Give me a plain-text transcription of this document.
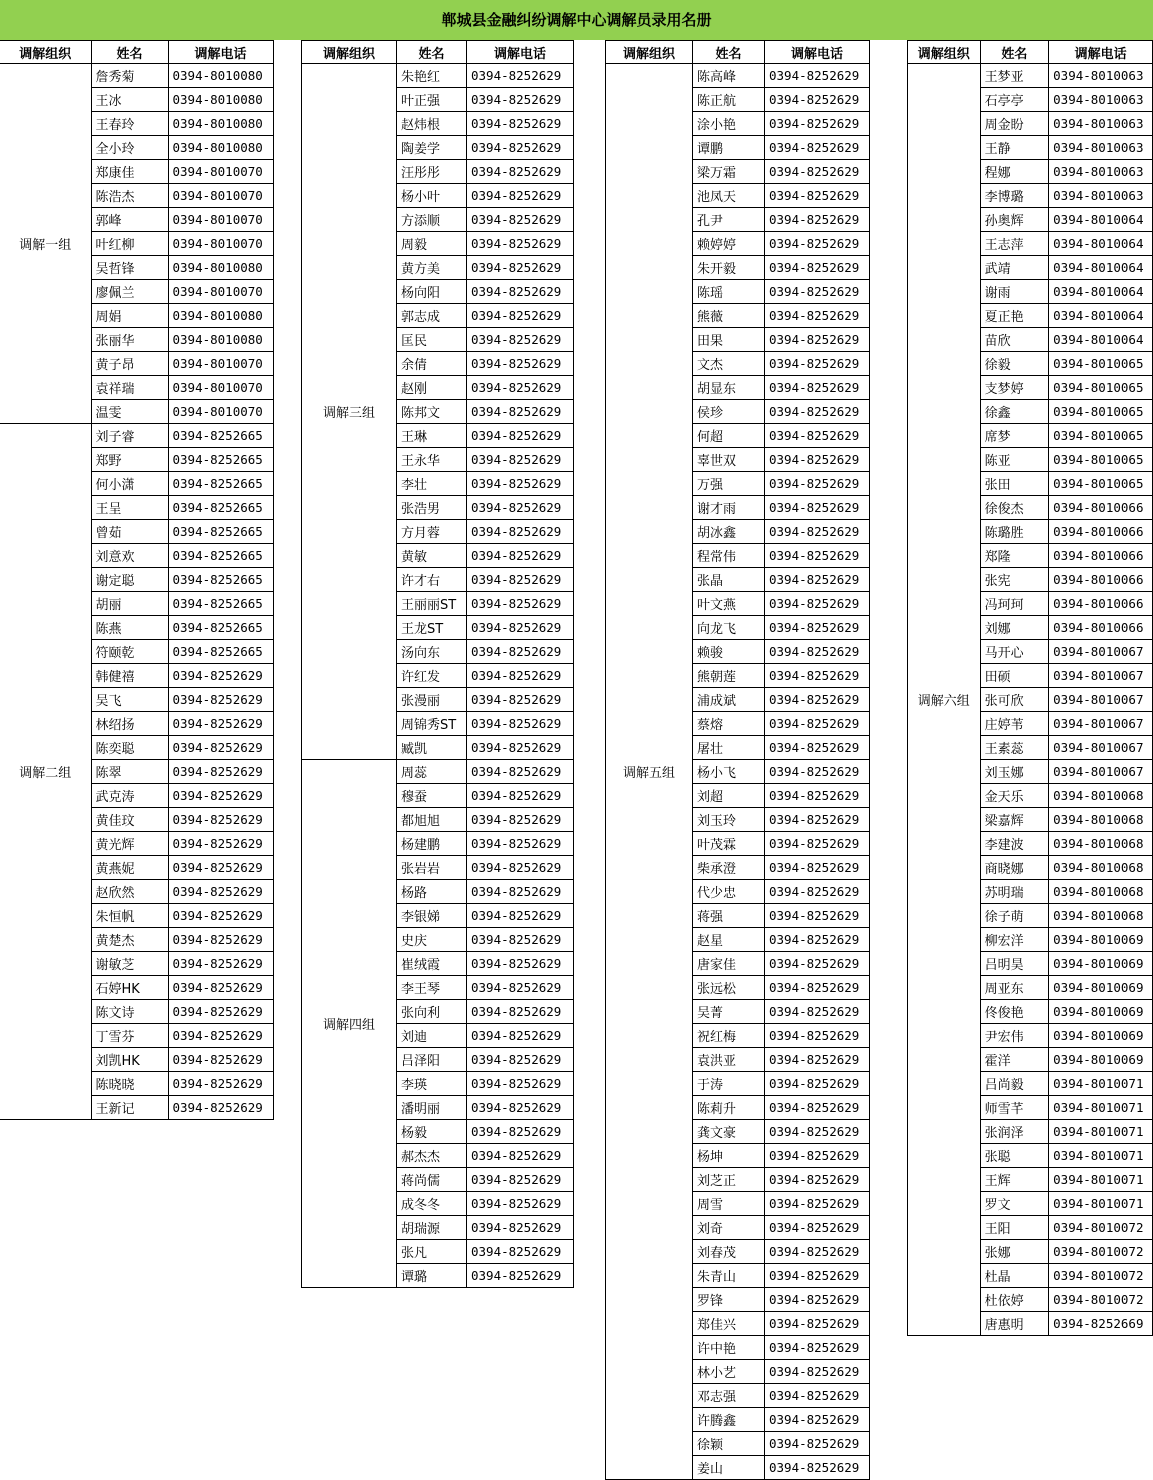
郸城县金融纠纷调解中心调解员录用名册
调解组织	姓名	调解电话
调解一组	詹秀菊	0394-8010080
	王冰	0394-8010080
	王春玲	0394-8010080
	全小玲	0394-8010080
	郑康佳	0394-8010070
	陈浩杰	0394-8010070
	郭峰	0394-8010070
	叶红柳	0394-8010070
	吴哲锋	0394-8010080
	廖佩兰	0394-8010070
	周娟	0394-8010080
	张丽华	0394-8010080
	黄子昂	0394-8010070
	袁祥瑞	0394-8010070
	温雯	0394-8010070
调解二组	刘子睿	0394-8252665
	郑野	0394-8252665
	何小潇	0394-8252665
	王呈	0394-8252665
	曾茹	0394-8252665
	刘意欢	0394-8252665
	谢定聪	0394-8252665
	胡丽	0394-8252665
	陈燕	0394-8252665
	符颐乾	0394-8252665
	韩健禧	0394-8252629
	吴飞	0394-8252629
	林绍扬	0394-8252629
	陈奕聪	0394-8252629
	陈翠	0394-8252629
	武克涛	0394-8252629
	黄佳玟	0394-8252629
	黄光辉	0394-8252629
	黄燕妮	0394-8252629
	赵欣然	0394-8252629
	朱恒帆	0394-8252629
	黄楚杰	0394-8252629
	谢敏芝	0394-8252629
	石婷HK	0394-8252629
	陈文诗	0394-8252629
	丁雪芬	0394-8252629
	刘凯HK	0394-8252629
	陈晓晓	0394-8252629
	王新记	0394-8252629
调解组织	姓名	调解电话
调解三组	朱艳红	0394-8252629
	叶正强	0394-8252629
	赵炜根	0394-8252629
	陶姜学	0394-8252629
	汪彤彤	0394-8252629
	杨小叶	0394-8252629
	方添顺	0394-8252629
	周毅	0394-8252629
	黄方美	0394-8252629
	杨向阳	0394-8252629
	郭志成	0394-8252629
	匡民	0394-8252629
	余倩	0394-8252629
	赵刚	0394-8252629
	陈邦文	0394-8252629
	王琳	0394-8252629
	王永华	0394-8252629
	李壮	0394-8252629
	张浩男	0394-8252629
	方月蓉	0394-8252629
	黄敏	0394-8252629
	许才右	0394-8252629
	王丽丽ST	0394-8252629
	王龙ST	0394-8252629
	汤向东	0394-8252629
	许红发	0394-8252629
	张漫丽	0394-8252629
	周锦秀ST	0394-8252629
	臧凯	0394-8252629
调解四组	周蕊	0394-8252629
	穆蚕	0394-8252629
	都旭旭	0394-8252629
	杨建鹏	0394-8252629
	张岩岩	0394-8252629
	杨路	0394-8252629
	李银娣	0394-8252629
	史庆	0394-8252629
	崔绒霞	0394-8252629
	李王琴	0394-8252629
	张向利	0394-8252629
	刘迪	0394-8252629
	吕泽阳	0394-8252629
	李瑛	0394-8252629
	潘明丽	0394-8252629
	杨毅	0394-8252629
	郝杰杰	0394-8252629
	蒋尚儒	0394-8252629
	成冬冬	0394-8252629
	胡瑞源	0394-8252629
	张凡	0394-8252629
	谭璐	0394-8252629
调解组织	姓名	调解电话
调解五组	陈高峰	0394-8252629
	陈正航	0394-8252629
	涂小艳	0394-8252629
	谭鹏	0394-8252629
	梁万霜	0394-8252629
	池凤天	0394-8252629
	孔尹	0394-8252629
	赖婷婷	0394-8252629
	朱开毅	0394-8252629
	陈瑶	0394-8252629
	熊薇	0394-8252629
	田果	0394-8252629
	文杰	0394-8252629
	胡显东	0394-8252629
	侯珍	0394-8252629
	何超	0394-8252629
	辜世双	0394-8252629
	万强	0394-8252629
	谢才雨	0394-8252629
	胡冰鑫	0394-8252629
	程常伟	0394-8252629
	张晶	0394-8252629
	叶文燕	0394-8252629
	向龙飞	0394-8252629
	赖骏	0394-8252629
	熊朝莲	0394-8252629
	浦成斌	0394-8252629
	蔡熔	0394-8252629
	屠壮	0394-8252629
	杨小飞	0394-8252629
	刘超	0394-8252629
	刘玉玲	0394-8252629
	叶茂霖	0394-8252629
	柴承澄	0394-8252629
	代少忠	0394-8252629
	蒋强	0394-8252629
	赵星	0394-8252629
	唐家佳	0394-8252629
	张远松	0394-8252629
	吴菁	0394-8252629
	祝红梅	0394-8252629
	袁洪亚	0394-8252629
	于涛	0394-8252629
	陈莉升	0394-8252629
	龚文豪	0394-8252629
	杨坤	0394-8252629
	刘芝正	0394-8252629
	周雪	0394-8252629
	刘奇	0394-8252629
	刘春茂	0394-8252629
	朱青山	0394-8252629
	罗锋	0394-8252629
	郑佳兴	0394-8252629
	许中艳	0394-8252629
	林小艺	0394-8252629
	邓志强	0394-8252629
	许腾鑫	0394-8252629
	徐颖	0394-8252629
	姜山	0394-8252629
调解组织	姓名	调解电话
调解六组	王梦亚	0394-8010063
	石亭亭	0394-8010063
	周金盼	0394-8010063
	王静	0394-8010063
	程娜	0394-8010063
	李博璐	0394-8010063
	孙奥辉	0394-8010064
	王志萍	0394-8010064
	武靖	0394-8010064
	谢雨	0394-8010064
	夏正艳	0394-8010064
	苗欣	0394-8010064
	徐毅	0394-8010065
	支梦婷	0394-8010065
	徐鑫	0394-8010065
	席梦	0394-8010065
	陈亚	0394-8010065
	张田	0394-8010065
	徐俊杰	0394-8010066
	陈璐胜	0394-8010066
	郑隆	0394-8010066
	张宪	0394-8010066
	冯珂珂	0394-8010066
	刘娜	0394-8010066
	马开心	0394-8010067
	田硕	0394-8010067
	张可欣	0394-8010067
	庄婷苇	0394-8010067
	王素蕊	0394-8010067
	刘玉娜	0394-8010067
	金天乐	0394-8010068
	梁嘉辉	0394-8010068
	李建波	0394-8010068
	商晓娜	0394-8010068
	苏明瑞	0394-8010068
	徐子萌	0394-8010068
	柳宏洋	0394-8010069
	吕明昊	0394-8010069
	周亚东	0394-8010069
	佟俊艳	0394-8010069
	尹宏伟	0394-8010069
	霍洋	0394-8010069
	吕尚毅	0394-8010071
	师雪芊	0394-8010071
	张润泽	0394-8010071
	张聪	0394-8010071
	王辉	0394-8010071
	罗文	0394-8010071
	王阳	0394-8010072
	张娜	0394-8010072
	杜晶	0394-8010072
	杜依婷	0394-8010072
	唐惠明	0394-8252669
